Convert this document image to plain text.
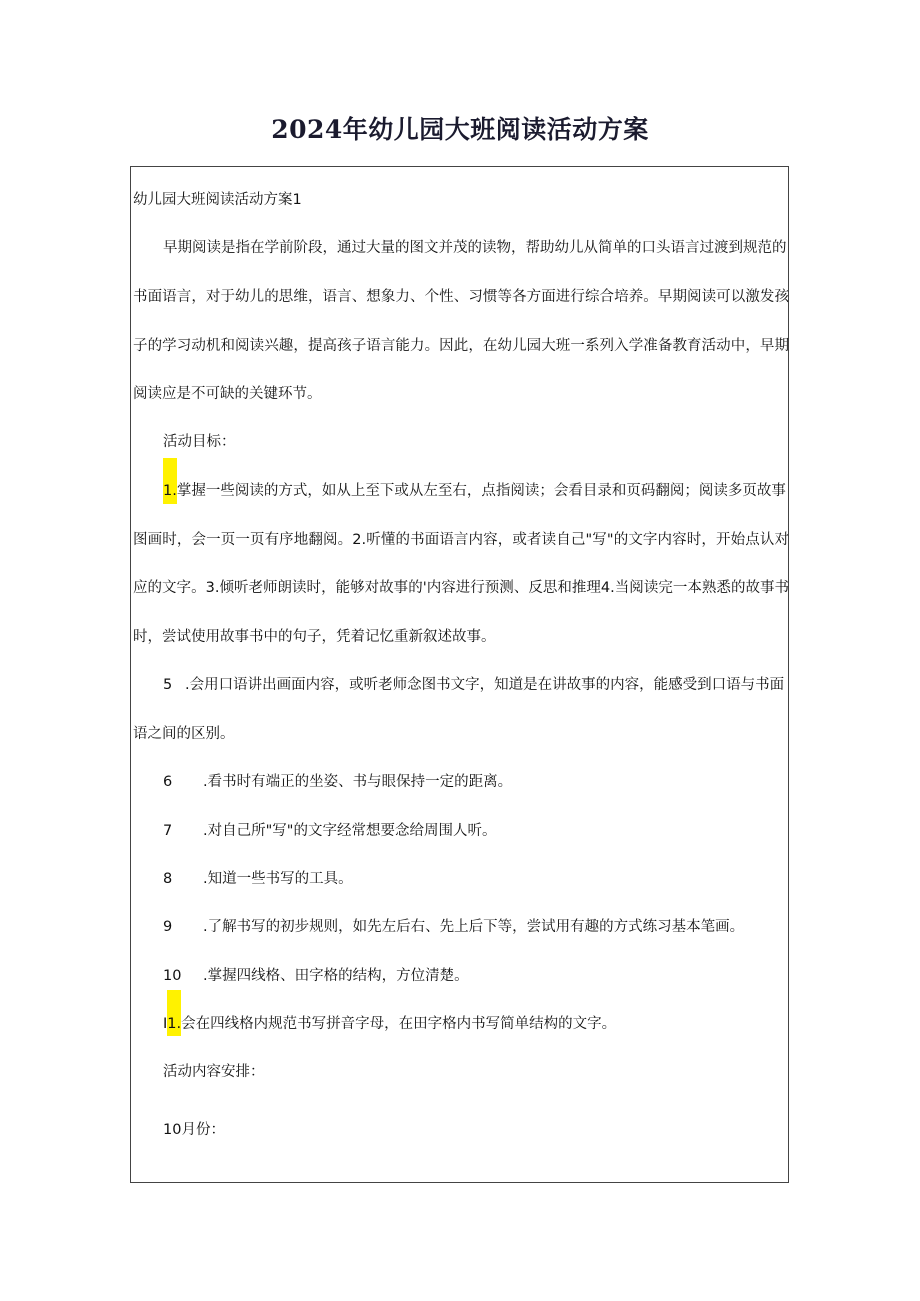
2024年幼儿园大班阅读活动方案
幼儿园大班阅读活动方案1
早期阅读是指在学前阶段，通过大量的图文并茂的读物，帮助幼儿从简单的口头语言过渡到规范的
书面语言，对于幼儿的思维，语言、想象力、个性、习惯等各方面进行综合培养。早期阅读可以激发孩
子的学习动机和阅读兴趣，提高孩子语言能力。因此，在幼儿园大班一系列入学准备教育活动中，早期
阅读应是不可缺的关键环节。
活动目标：
1.掌握一些阅读的方式，如从上至下或从左至右，点指阅读；会看目录和页码翻阅；阅读多页故事
图画时，会一页一页有序地翻阅。2.听懂的书面语言内容，或者读自己"写"的文字内容时，开始点认对
应的文字。3.倾听老师朗读时，能够对故事的'内容进行预测、反思和推理4.当阅读完一本熟悉的故事书
时，尝试使用故事书中的句子，凭着记忆重新叙述故事。
5 .会用口语讲出画面内容，或听老师念图书文字，知道是在讲故事的内容，能感受到口语与书面
语之间的区别。
6 .看书时有端正的坐姿、书与眼保持一定的距离。
7 .对自己所"写"的文字经常想要念给周围人听。
8 .知道一些书写的工具。
9 .了解书写的初步规则，如先左后右、先上后下等，尝试用有趣的方式练习基本笔画。
10 .掌握四线格、田字格的结构，方位清楚。
I1.会在四线格内规范书写拼音字母，在田字格内书写简单结构的文字。
活动内容安排：
10月份：
